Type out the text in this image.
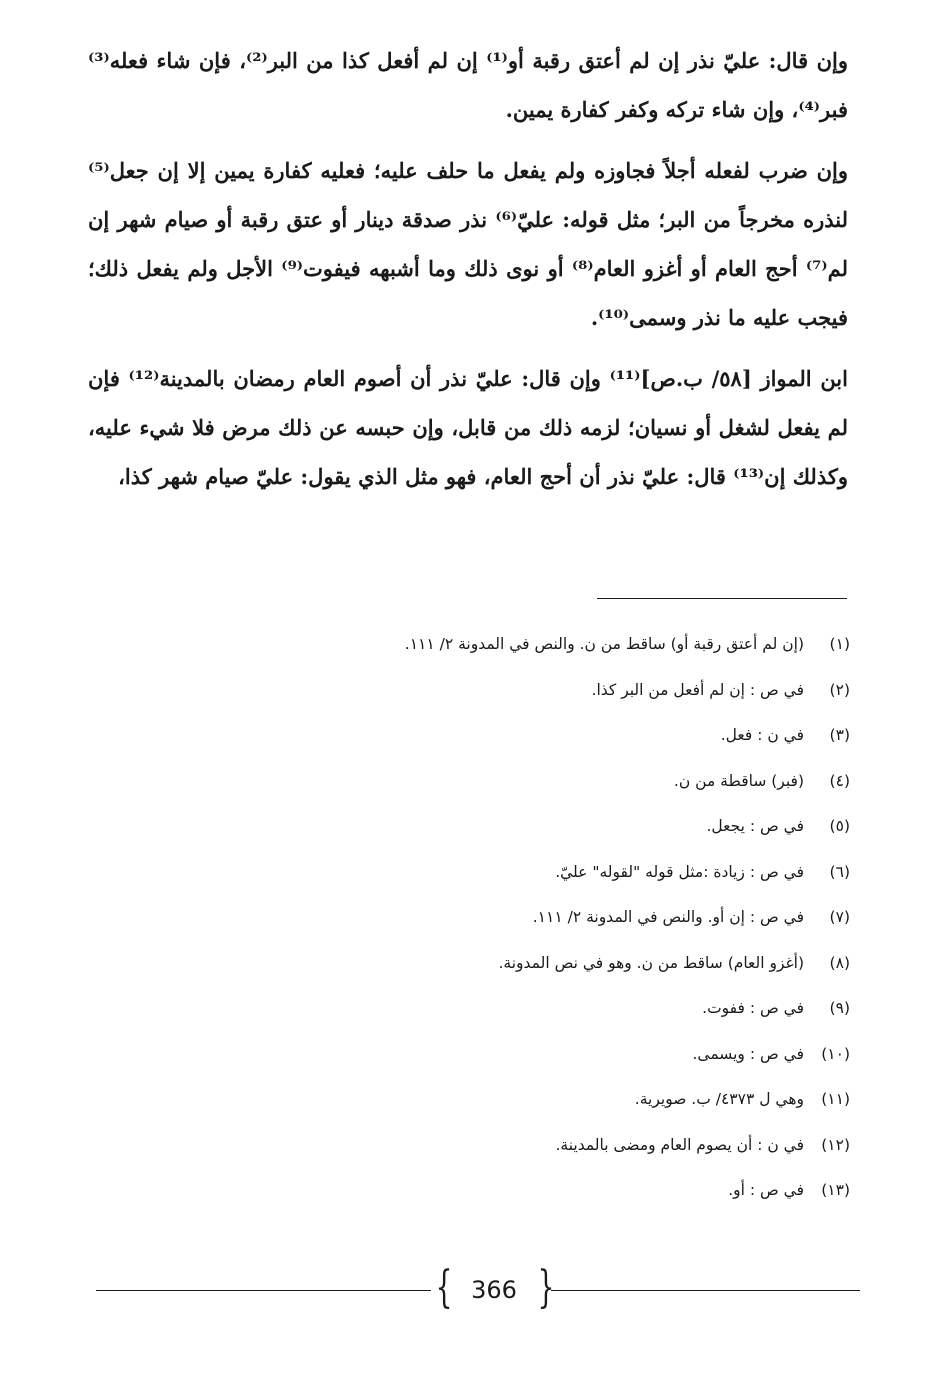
وإن قال: عليّ نذر إن لم أعتق رقبة أو⁽¹⁾ إن لم أفعل كذا من البر⁽²⁾، فإن شاء فعله⁽³⁾ فبر⁽⁴⁾، وإن شاء تركه وكفر كفارة يمين.

وإن ضرب لفعله أجلاً فجاوزه ولم يفعل ما حلف عليه؛ فعليه كفارة يمين إلا إن جعل⁽⁵⁾ لنذره مخرجاً من البر؛ مثل قوله: عليّ⁽⁶⁾ نذر صدقة دينار أو عتق رقبة أو صيام شهر إن لم⁽⁷⁾ أحج العام أو أغزو العام⁽⁸⁾ أو نوى ذلك وما أشبهه فيفوت⁽⁹⁾ الأجل ولم يفعل ذلك؛ فيجب عليه ما نذر وسمى⁽¹⁰⁾.

ابن المواز [٥٨/ ب.ص]⁽¹¹⁾ وإن قال: عليّ نذر أن أصوم العام رمضان بالمدينة⁽¹²⁾ فإن لم يفعل لشغل أو نسيان؛ لزمه ذلك من قابل، وإن حبسه عن ذلك مرض فلا شيء عليه، وكذلك إن⁽¹³⁾ قال: عليّ نذر أن أحج العام، فهو مثل الذي يقول: عليّ صيام شهر كذا،

(١)(إن لم أعتق رقبة أو) ساقط من ن. والنص في المدونة ٢/ ١١١.
(٢)في ص : إن لم أفعل من البر كذا.
(٣)في ن : فعل.
(٤)(فبر) ساقطة من ن.
(٥)في ص : يجعل.
(٦)في ص : زيادة :مثل قوله "لقوله" عليّ.
(٧)في ص : إن أو. والنص في المدونة ٢/ ١١١.
(٨)(أغزو العام) ساقط من ن. وهو في نص المدونة.
(٩)في ص : ففوت.
(١٠)في ص : ويسمى.
(١١)وهي ل ٤٣٧٣/ ب. صويرية.
(١٢)في ن : أن يصوم العام ومضى بالمدينة.
(١٣)في ص : أو.
{ 366 }
